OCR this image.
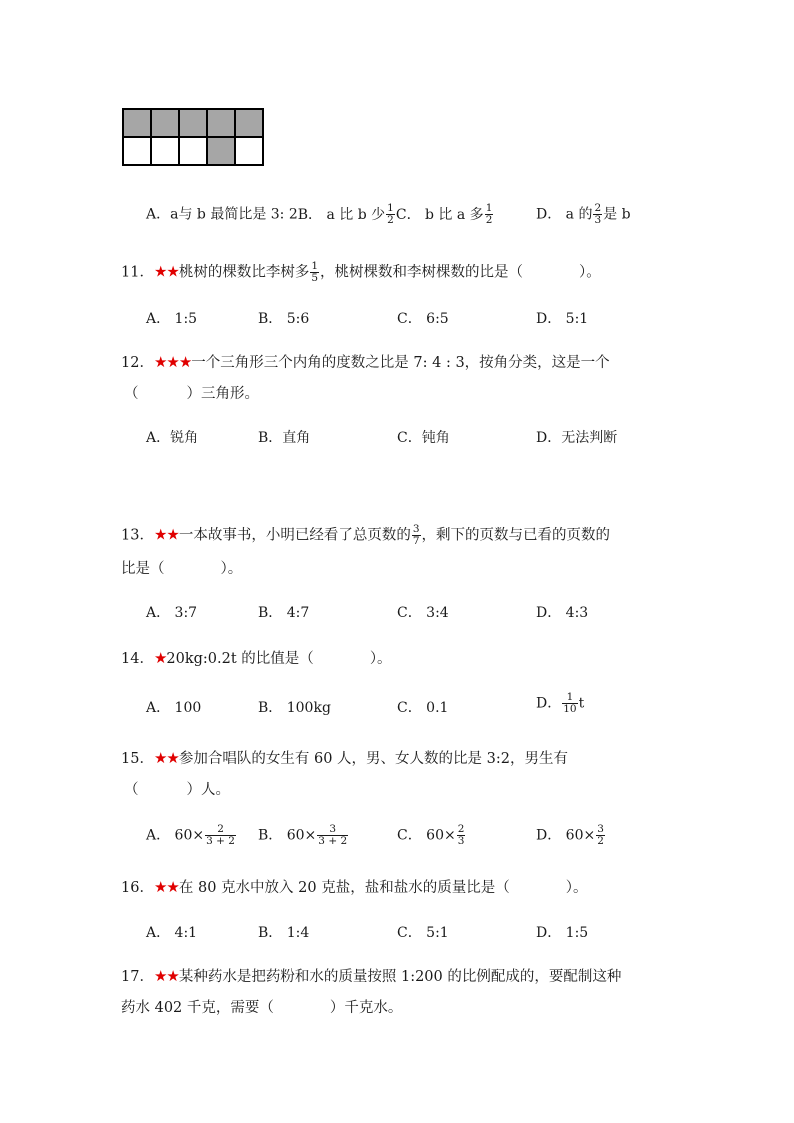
A．a与 b 最简比是 3: 2B． a 比 b 少 $\frac{1}{2}$ C． b 比 a 多 $\frac{1}{2}$	D． a 的 $\frac{2}{3}$ 是 b
11．★★桃树的棵数比李树多 $\frac{1}{5}$ ，桃树棵数和李树棵数的比是（	）。
A． 1:5	B． 5:6	C． 6:5	D． 5:1
12．★★★一个三角形三个内角的度数之比是 7: 4 : 3，按角分类，这是一个
（	）三角形。
A．锐角	B．直角	C．钝角	D．无法判断
13．★★一本故事书，小明已经看了总页数的 $\frac{3}{7}$ ，剩下的页数与已看的页数的
比是（	）。
A． 3:7	B． 4:7	C． 3:4	D． 4:3
14．★20kg:0.2t 的比值是（	）。
A． 100	B． 100kg	C． 0.1	D． $\frac{1}{10}$ t
15．★★参加合唱队的女生有 60 人，男、女人数的比是 3:2，男生有
（	）人。
A． $60\times \frac{2}{3 + 2}$ B． $60\times \frac{3}{3 + 2}$	C． $60\times \frac{2}{3}$	D． $60\times \frac{3}{2}$
16．★★在 80 克水中放入 20 克盐，盐和盐水的质量比是（	）。
A． 4:1	B． 1:4	C． 5:1	D． 1:5
17．★★某种药水是把药粉和水的质量按照 1:200 的比例配成的，要配制这种
药水 402 千克，需要（	）千克水。
